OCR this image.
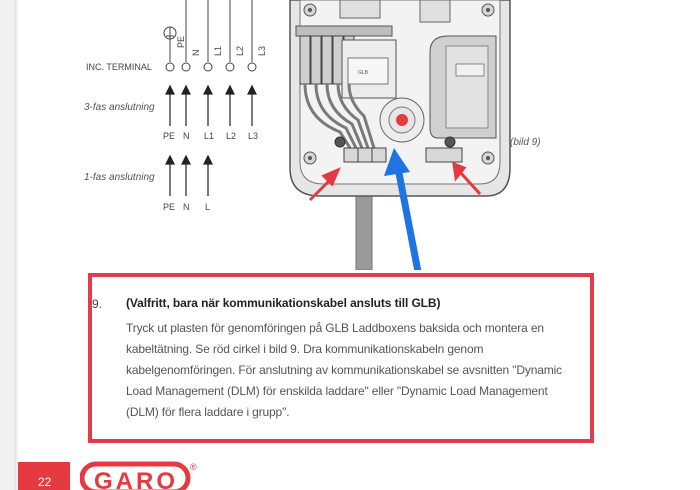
GLB
INC. TERMINAL
PE
N L1 L2 L3
3-fas anslutning
PE N L1 L2 L3
1-fas anslutning
PE N L
(bild 9)
9. (Valfritt, bara när kommunikationskabel ansluts till GLB)
Tryck ut plasten för genomföringen på GLB Laddboxens baksida och montera en kabeltätning. Se röd cirkel i bild 9. Dra kommunikationskabeln genom kabelgenomföringen. För anslutning av kommunikationskabel se avsnitten "Dynamic Load Management (DLM) för enskilda laddare" eller "Dynamic Load Management (DLM) för flera laddare i grupp".
22 GARO
®
